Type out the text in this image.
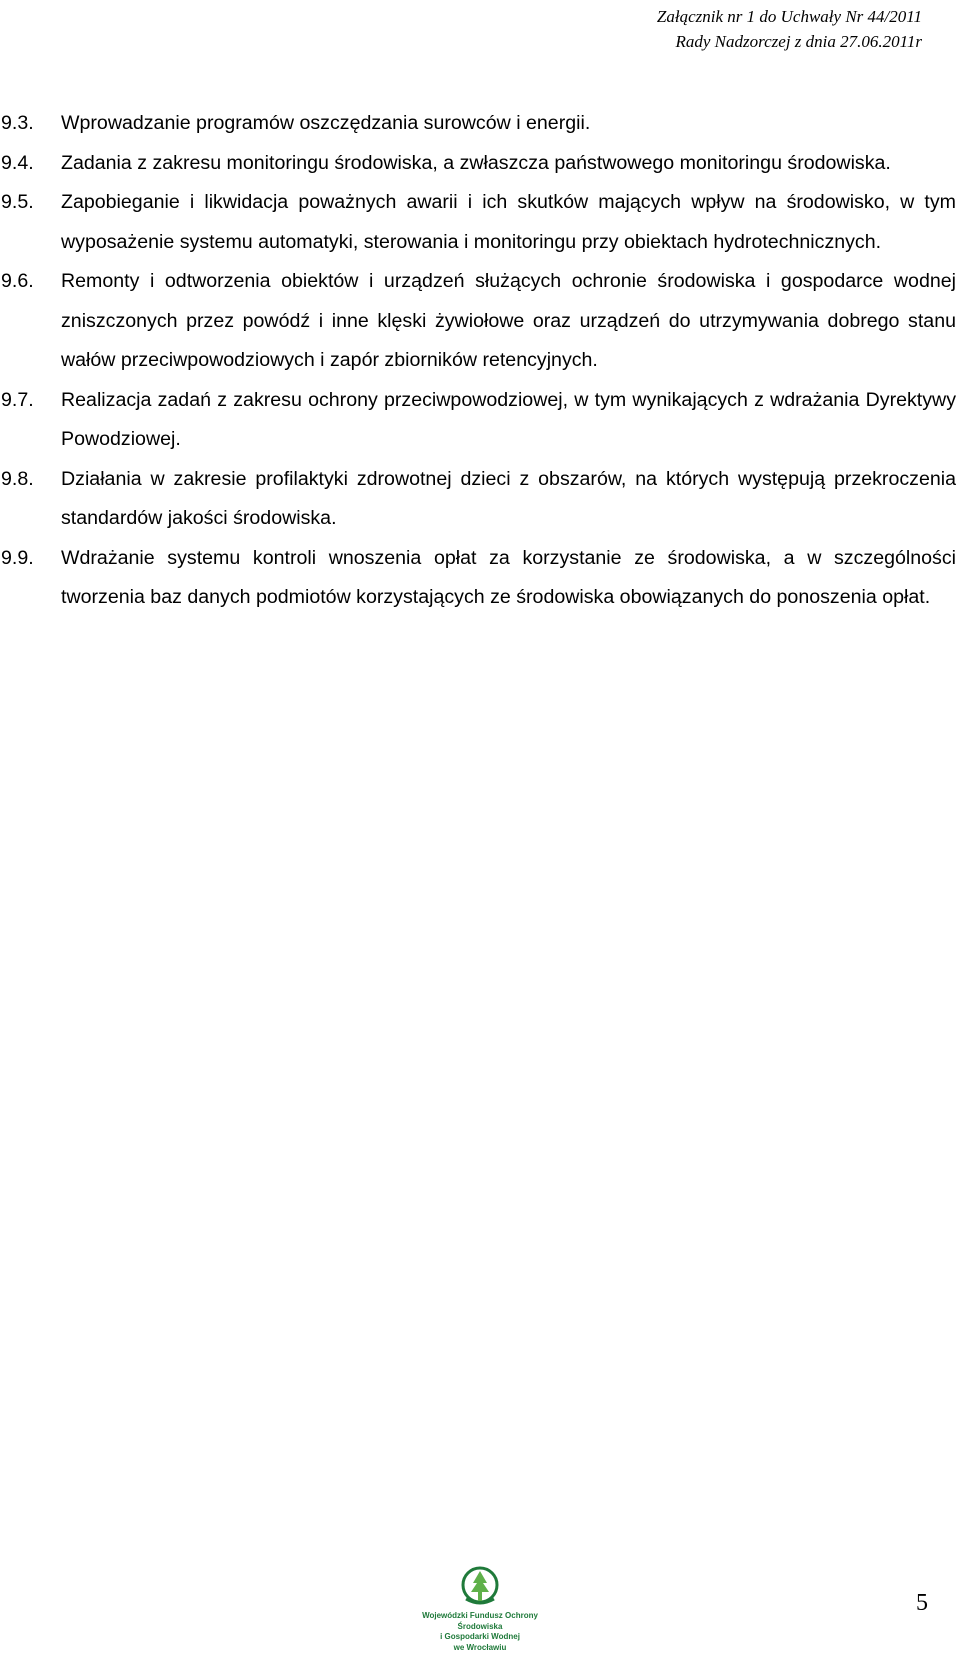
Załącznik nr 1 do Uchwały Nr 44/2011
Rady Nadzorczej z dnia 27.06.2011r
9.3.	Wprowadzanie programów oszczędzania surowców i energii.
9.4.	Zadania z zakresu monitoringu środowiska, a zwłaszcza państwowego monitoringu środowiska.
9.5.	Zapobieganie i likwidacja poważnych awarii i ich skutków mających wpływ na środowisko, w tym wyposażenie systemu automatyki, sterowania i monitoringu przy obiektach hydrotechnicznych.
9.6.	Remonty i odtworzenia obiektów i urządzeń służących ochronie środowiska i gospodarce wodnej zniszczonych przez powódź i inne klęski żywiołowe oraz urządzeń do utrzymywania dobrego stanu wałów przeciwpowodziowych i zapór zbiorników retencyjnych.
9.7.	Realizacja zadań z zakresu ochrony przeciwpowodziowej, w tym wynikających z wdrażania Dyrektywy Powodziowej.
9.8.	Działania w zakresie profilaktyki zdrowotnej dzieci z obszarów, na których występują przekroczenia standardów jakości środowiska.
9.9.	Wdrażanie systemu kontroli wnoszenia opłat za korzystanie ze środowiska, a w szczególności tworzenia baz danych podmiotów korzystających ze środowiska obowiązanych do ponoszenia opłat.
Wojewódzki Fundusz Ochrony Środowiska
i Gospodarki Wodnej
we Wrocławiu
5
